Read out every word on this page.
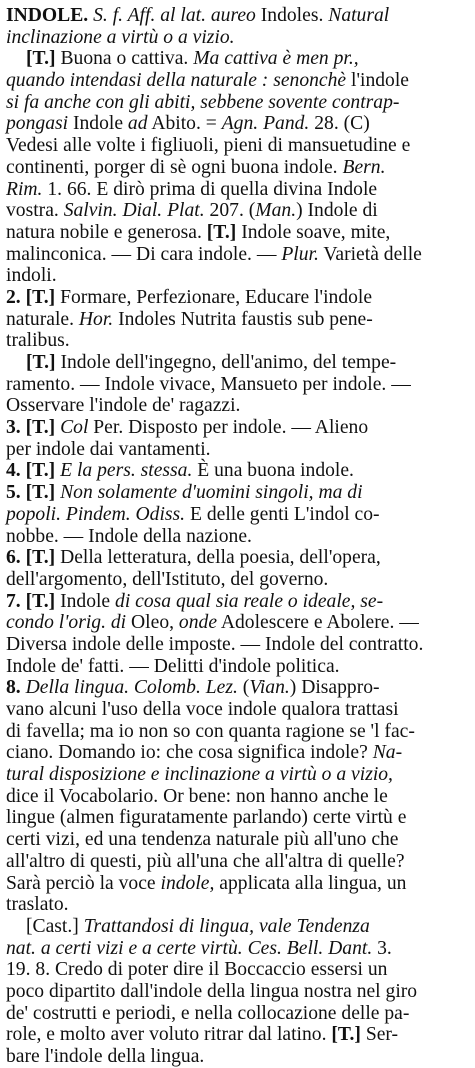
INDOLE. S. f. Aff. al lat. aureo Indoles. Natural
inclinazione a virtù o a vizio.
[T.] Buona o cattiva. Ma cattiva è men pr.,
quando intendasi della naturale : senonchè l'indole
si fa anche con gli abiti, sebbene sovente contrap-
pongasi Indole ad Abito. = Agn. Pand. 28. (C)
Vedesi alle volte i figliuoli, pieni di mansuetudine e
continenti, porger di sè ogni buona indole. Bern.
Rim. 1. 66. E dirò prima di quella divina Indole
vostra. Salvin. Dial. Plat. 207. (Man.) Indole di
natura nobile e generosa. [T.] Indole soave, mite,
malinconica. — Di cara indole. — Plur. Varietà delle
indoli.
2. [T.] Formare, Perfezionare, Educare l'indole
naturale. Hor. Indoles Nutrita faustis sub pene-
tralibus.
[T.] Indole dell'ingegno, dell'animo, del tempe-
ramento. — Indole vivace, Mansueto per indole. —
Osservare l'indole de' ragazzi.
3. [T.] Col Per. Disposto per indole. — Alieno
per indole dai vantamenti.
4. [T.] E la pers. stessa. È una buona indole.
5. [T.] Non solamente d'uomini singoli, ma di
popoli. Pindem. Odiss. E delle genti L'indol co-
nobbe. — Indole della nazione.
6. [T.] Della letteratura, della poesia, dell'opera,
dell'argomento, dell'Istituto, del governo.
7. [T.] Indole di cosa qual sia reale o ideale, se-
condo l'orig. di Oleo, onde Adolescere e Abolere. —
Diversa indole delle imposte. — Indole del contratto.
Indole de' fatti. — Delitti d'indole politica.
8. Della lingua. Colomb. Lez. (Vian.) Disappro-
vano alcuni l'uso della voce indole qualora trattasi
di favella; ma io non so con quanta ragione se 'l fac-
ciano. Domando io: che cosa significa indole? Na-
tural disposizione e inclinazione a virtù o a vizio,
dice il Vocabolario. Or bene: non hanno anche le
lingue (almen figuratamente parlando) certe virtù e
certi vizi, ed una tendenza naturale più all'uno che
all'altro di questi, più all'una che all'altra di quelle?
Sarà perciò la voce indole, applicata alla lingua, un
traslato.
[Cast.] Trattandosi di lingua, vale Tendenza
nat. a certi vizi e a certe virtù. Ces. Bell. Dant. 3.
19. 8. Credo di poter dire il Boccaccio essersi un
poco dipartito dall'indole della lingua nostra nel giro
de' costrutti e periodi, e nella collocazione delle pa-
role, e molto aver voluto ritrar dal latino. [T.] Ser-
bare l'indole della lingua.
